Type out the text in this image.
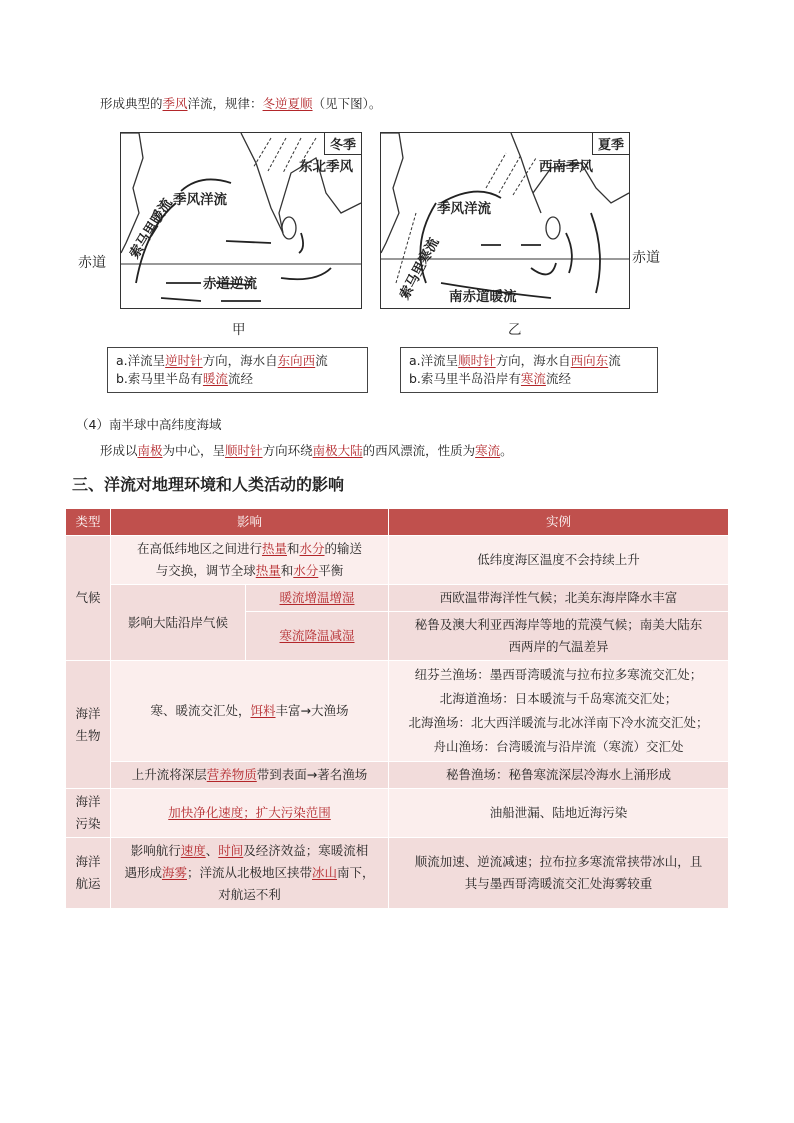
形成典型的季风洋流，规律：冬逆夏顺（见下图）。
赤道	赤道
冬季
东北季风
季风洋流
索马里暖流
赤道逆流
甲
夏季
西南季风
季风洋流
索马里寒流 南赤道暖流
乙
a.洋流呈逆时针方向，海水自东向西流
b.索马里半岛有暖流流经
a.洋流呈顺时针方向，海水自西向东流
b.索马里半岛沿岸有寒流流经
（4）南半球中高纬度海域
形成以南极为中心，呈顺时针方向环绕南极大陆的西风漂流，性质为寒流。
三、洋流对地理环境和人类活动的影响
类型	影响		实例
气候	在高低纬地区之间进行热量和水分的输送
与交换，调节全球热量和水分平衡		低纬度海区温度不会持续上升
	影响大陆沿岸气候	暖流增温增湿	西欧温带海洋性气候；北美东海岸降水丰富
		寒流降温减湿	秘鲁及澳大利亚西海岸等地的荒漠气候；南美大陆东
西两岸的气温差异
海洋
生物	寒、暖流交汇处，饵料丰富→大渔场		纽芬兰渔场：墨西哥湾暖流与拉布拉多寒流交汇处；
北海道渔场：日本暖流与千岛寒流交汇处；
北海渔场：北大西洋暖流与北冰洋南下冷水流交汇处；
舟山渔场：台湾暖流与沿岸流（寒流）交汇处
	上升流将深层营养物质带到表面→著名渔场		秘鲁渔场：秘鲁寒流深层冷海水上涌形成
海洋
污染	加快净化速度；扩大污染范围		油船泄漏、陆地近海污染
海洋
航运	影响航行速度、时间及经济效益；寒暖流相
遇形成海雾；洋流从北极地区挟带冰山南下，
对航运不利		顺流加速、逆流减速；拉布拉多寒流常挟带冰山，且
其与墨西哥湾暖流交汇处海雾较重
